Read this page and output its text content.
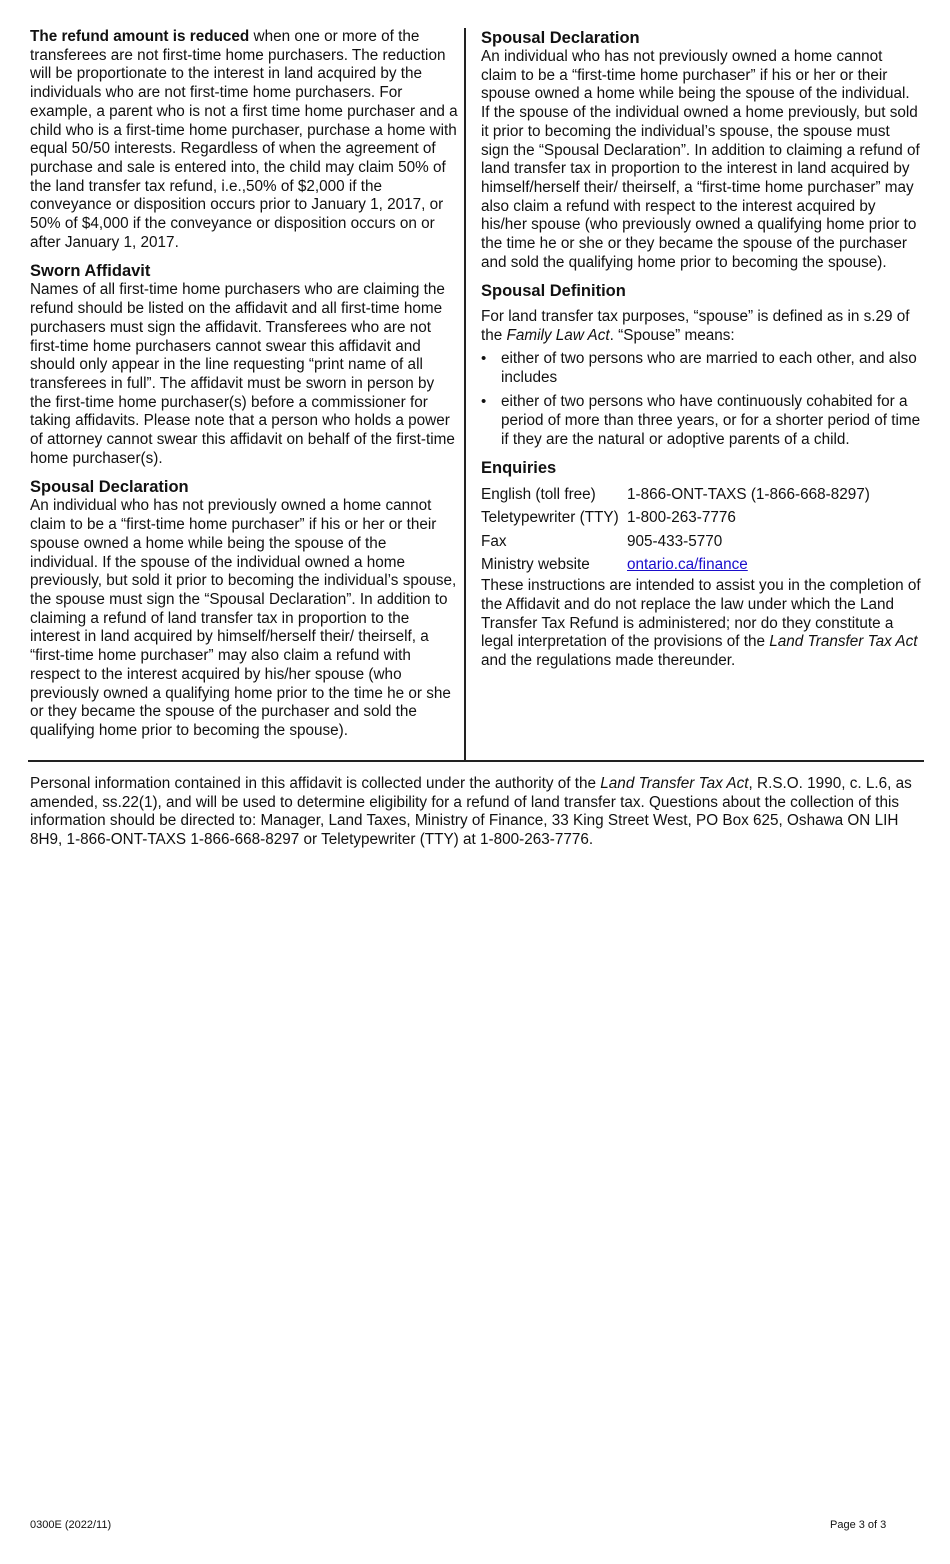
The refund amount is reduced when one or more of the transferees are not first-time home purchasers. The reduction will be proportionate to the interest in land acquired by the individuals who are not first-time home purchasers. For example, a parent who is not a first time home purchaser and a child who is a first-time home purchaser, purchase a home with equal 50/50 interests. Regardless of when the agreement of purchase and sale is entered into, the child may claim 50% of the land transfer tax refund, i.e.,50% of $2,000 if the conveyance or disposition occurs prior to January 1, 2017, or 50% of $4,000 if the conveyance or disposition occurs on or after January 1, 2017.

Sworn Affidavit

Names of all first-time home purchasers who are claiming the refund should be listed on the affidavit and all first-time home purchasers must sign the affidavit. Transferees who are not first-time home purchasers cannot swear this affidavit and should only appear in the line requesting “print name of all transferees in full”. The affidavit must be sworn in person by the first-time home purchaser(s) before a commissioner for taking affidavits. Please note that a person who holds a power of attorney cannot swear this affidavit on behalf of the first-time home purchaser(s).

Spousal Declaration

An individual who has not previously owned a home cannot claim to be a “first-time home purchaser” if his or her or their spouse owned a home while being the spouse of the individual. If the spouse of the individual owned a home previously, but sold it prior to becoming the individual’s spouse, the spouse must sign the “Spousal Declaration”. In addition to claiming a refund of land transfer tax in proportion to the interest in land acquired by himself/herself their/ theirself, a “first-time home purchaser” may also claim a refund with respect to the interest acquired by his/her spouse (who previously owned a qualifying home prior to the time he or she or they became the spouse of the purchaser and sold the qualifying home prior to becoming the spouse).

Spousal Declaration

An individual who has not previously owned a home cannot claim to be a “first-time home purchaser” if his or her or their spouse owned a home while being the spouse of the individual. If the spouse of the individual owned a home previously, but sold it prior to becoming the individual’s spouse, the spouse must sign the “Spousal Declaration”. In addition to claiming a refund of land transfer tax in proportion to the interest in land acquired by himself/herself their/ theirself, a “first-time home purchaser” may also claim a refund with respect to the interest acquired by his/her spouse (who previously owned a qualifying home prior to the time he or she or they became the spouse of the purchaser and sold the qualifying home prior to becoming the spouse).

Spousal Definition

For land transfer tax purposes, “spouse” is defined as in s.29 of the Family Law Act. “Spouse” means:

• either of two persons who are married to each other, and also includes
• either of two persons who have continuously cohabited for a period of more than three years, or for a shorter period of time if they are the natural or adoptive parents of a child.
Enquiries
English (toll free)	1-866-ONT-TAXS (1-866-668-8297)
Teletypewriter (TTY) 1-800-263-7776
Fax	905-433-5770
Ministry website	ontario.ca/finance

These instructions are intended to assist you in the completion of the Affidavit and do not replace the law under which the Land Transfer Tax Refund is administered; nor do they constitute a legal interpretation of the provisions of the Land Transfer Tax Act and the regulations made thereunder.

Personal information contained in this affidavit is collected under the authority of the Land Transfer Tax Act, R.S.O. 1990, c. L.6, as amended, ss.22(1), and will be used to determine eligibility for a refund of land transfer tax. Questions about the collection of this information should be directed to: Manager, Land Taxes, Ministry of Finance, 33 King Street West, PO Box 625, Oshawa ON LIH 8H9, 1-866-ONT-TAXS 1-866-668-8297 or Teletypewriter (TTY) at 1-800-263-7776.

0300E (2022/11)	Page 3 of 3
